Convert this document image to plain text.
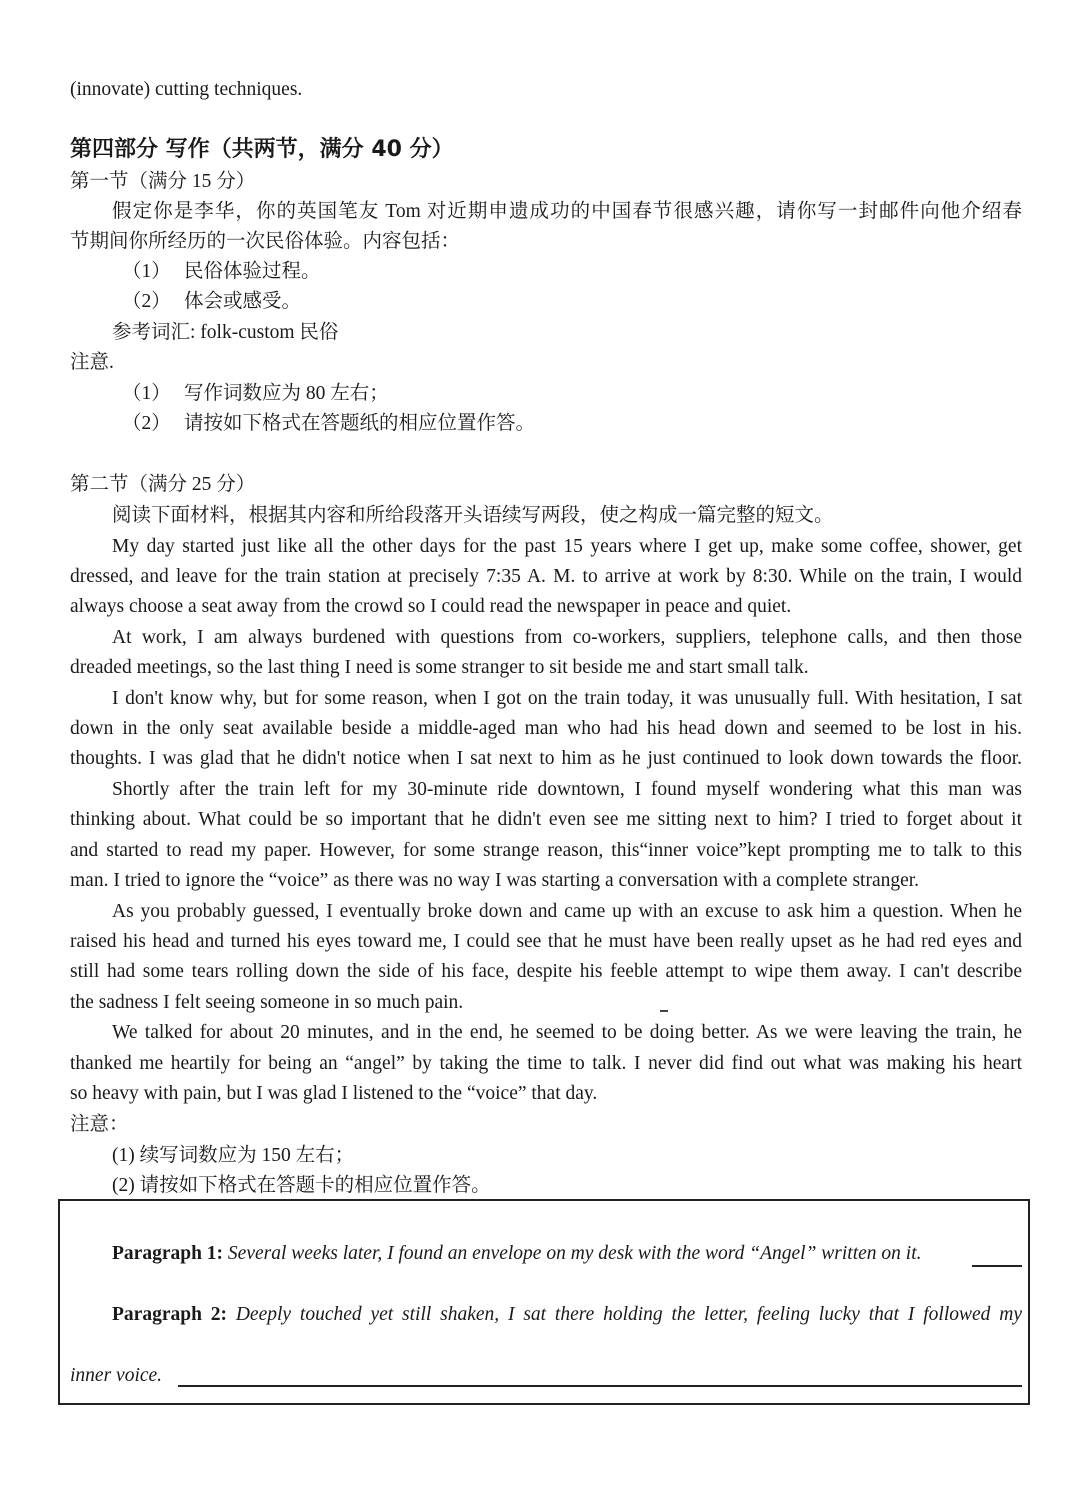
(innovate) cutting techniques.
第四部分 写作（共两节，满分 40 分）
第一节（满分 15 分）
假定你是李华，你的英国笔友 Tom 对近期申遗成功的中国春节很感兴趣，请你写一封邮件向他介绍春
节期间你所经历的一次民俗体验。内容包括：
（1） 民俗体验过程。
（2） 体会或感受。
参考词汇: folk-custom 民俗
注意.
（1） 写作词数应为 80 左右；
（2） 请按如下格式在答题纸的相应位置作答。
第二节（满分 25 分）
阅读下面材料，根据其内容和所给段落开头语续写两段，使之构成一篇完整的短文。
My day started just like all the other days for the past 15 years where I get up, make some coffee, shower, get
dressed, and leave for the train station at precisely 7:35 A. M. to arrive at work by 8:30. While on the train, I would
always choose a seat away from the crowd so I could read the newspaper in peace and quiet.
At work, I am always burdened with questions from co-workers, suppliers, telephone calls, and then those
dreaded meetings, so the last thing I need is some stranger to sit beside me and start small talk.
I don't know why, but for some reason, when I got on the train today, it was unusually full. With hesitation, I sat
down in the only seat available beside a middle-aged man who had his head down and seemed to be lost in his.
thoughts. I was glad that he didn't notice when I sat next to him as he just continued to look down towards the floor.
Shortly after the train left for my 30-minute ride downtown, I found myself wondering what this man was
thinking about. What could be so important that he didn't even see me sitting next to him? I tried to forget about it
and started to read my paper. However, for some strange reason, this“inner voice”kept prompting me to talk to this
man. I tried to ignore the “voice” as there was no way I was starting a conversation with a complete stranger.
As you probably guessed, I eventually broke down and came up with an excuse to ask him a question. When he
raised his head and turned his eyes toward me, I could see that he must have been really upset as he had red eyes and
still had some tears rolling down the side of his face, despite his feeble attempt to wipe them away. I can't describe
the sadness I felt seeing someone in so much pain.
We talked for about 20 minutes, and in the end, he seemed to be doing better. As we were leaving the train, he
thanked me heartily for being an “angel” by taking the time to talk. I never did find out what was making his heart
so heavy with pain, but I was glad I listened to the “voice” that day.
注意：
(1) 续写词数应为 150 左右；
(2) 请按如下格式在答题卡的相应位置作答。
Paragraph 1: Several weeks later, I found an envelope on my desk with the word “Angel” written on it.
Paragraph 2: Deeply touched yet still shaken, I sat there holding the letter, feeling lucky that I followed my
inner voice.
